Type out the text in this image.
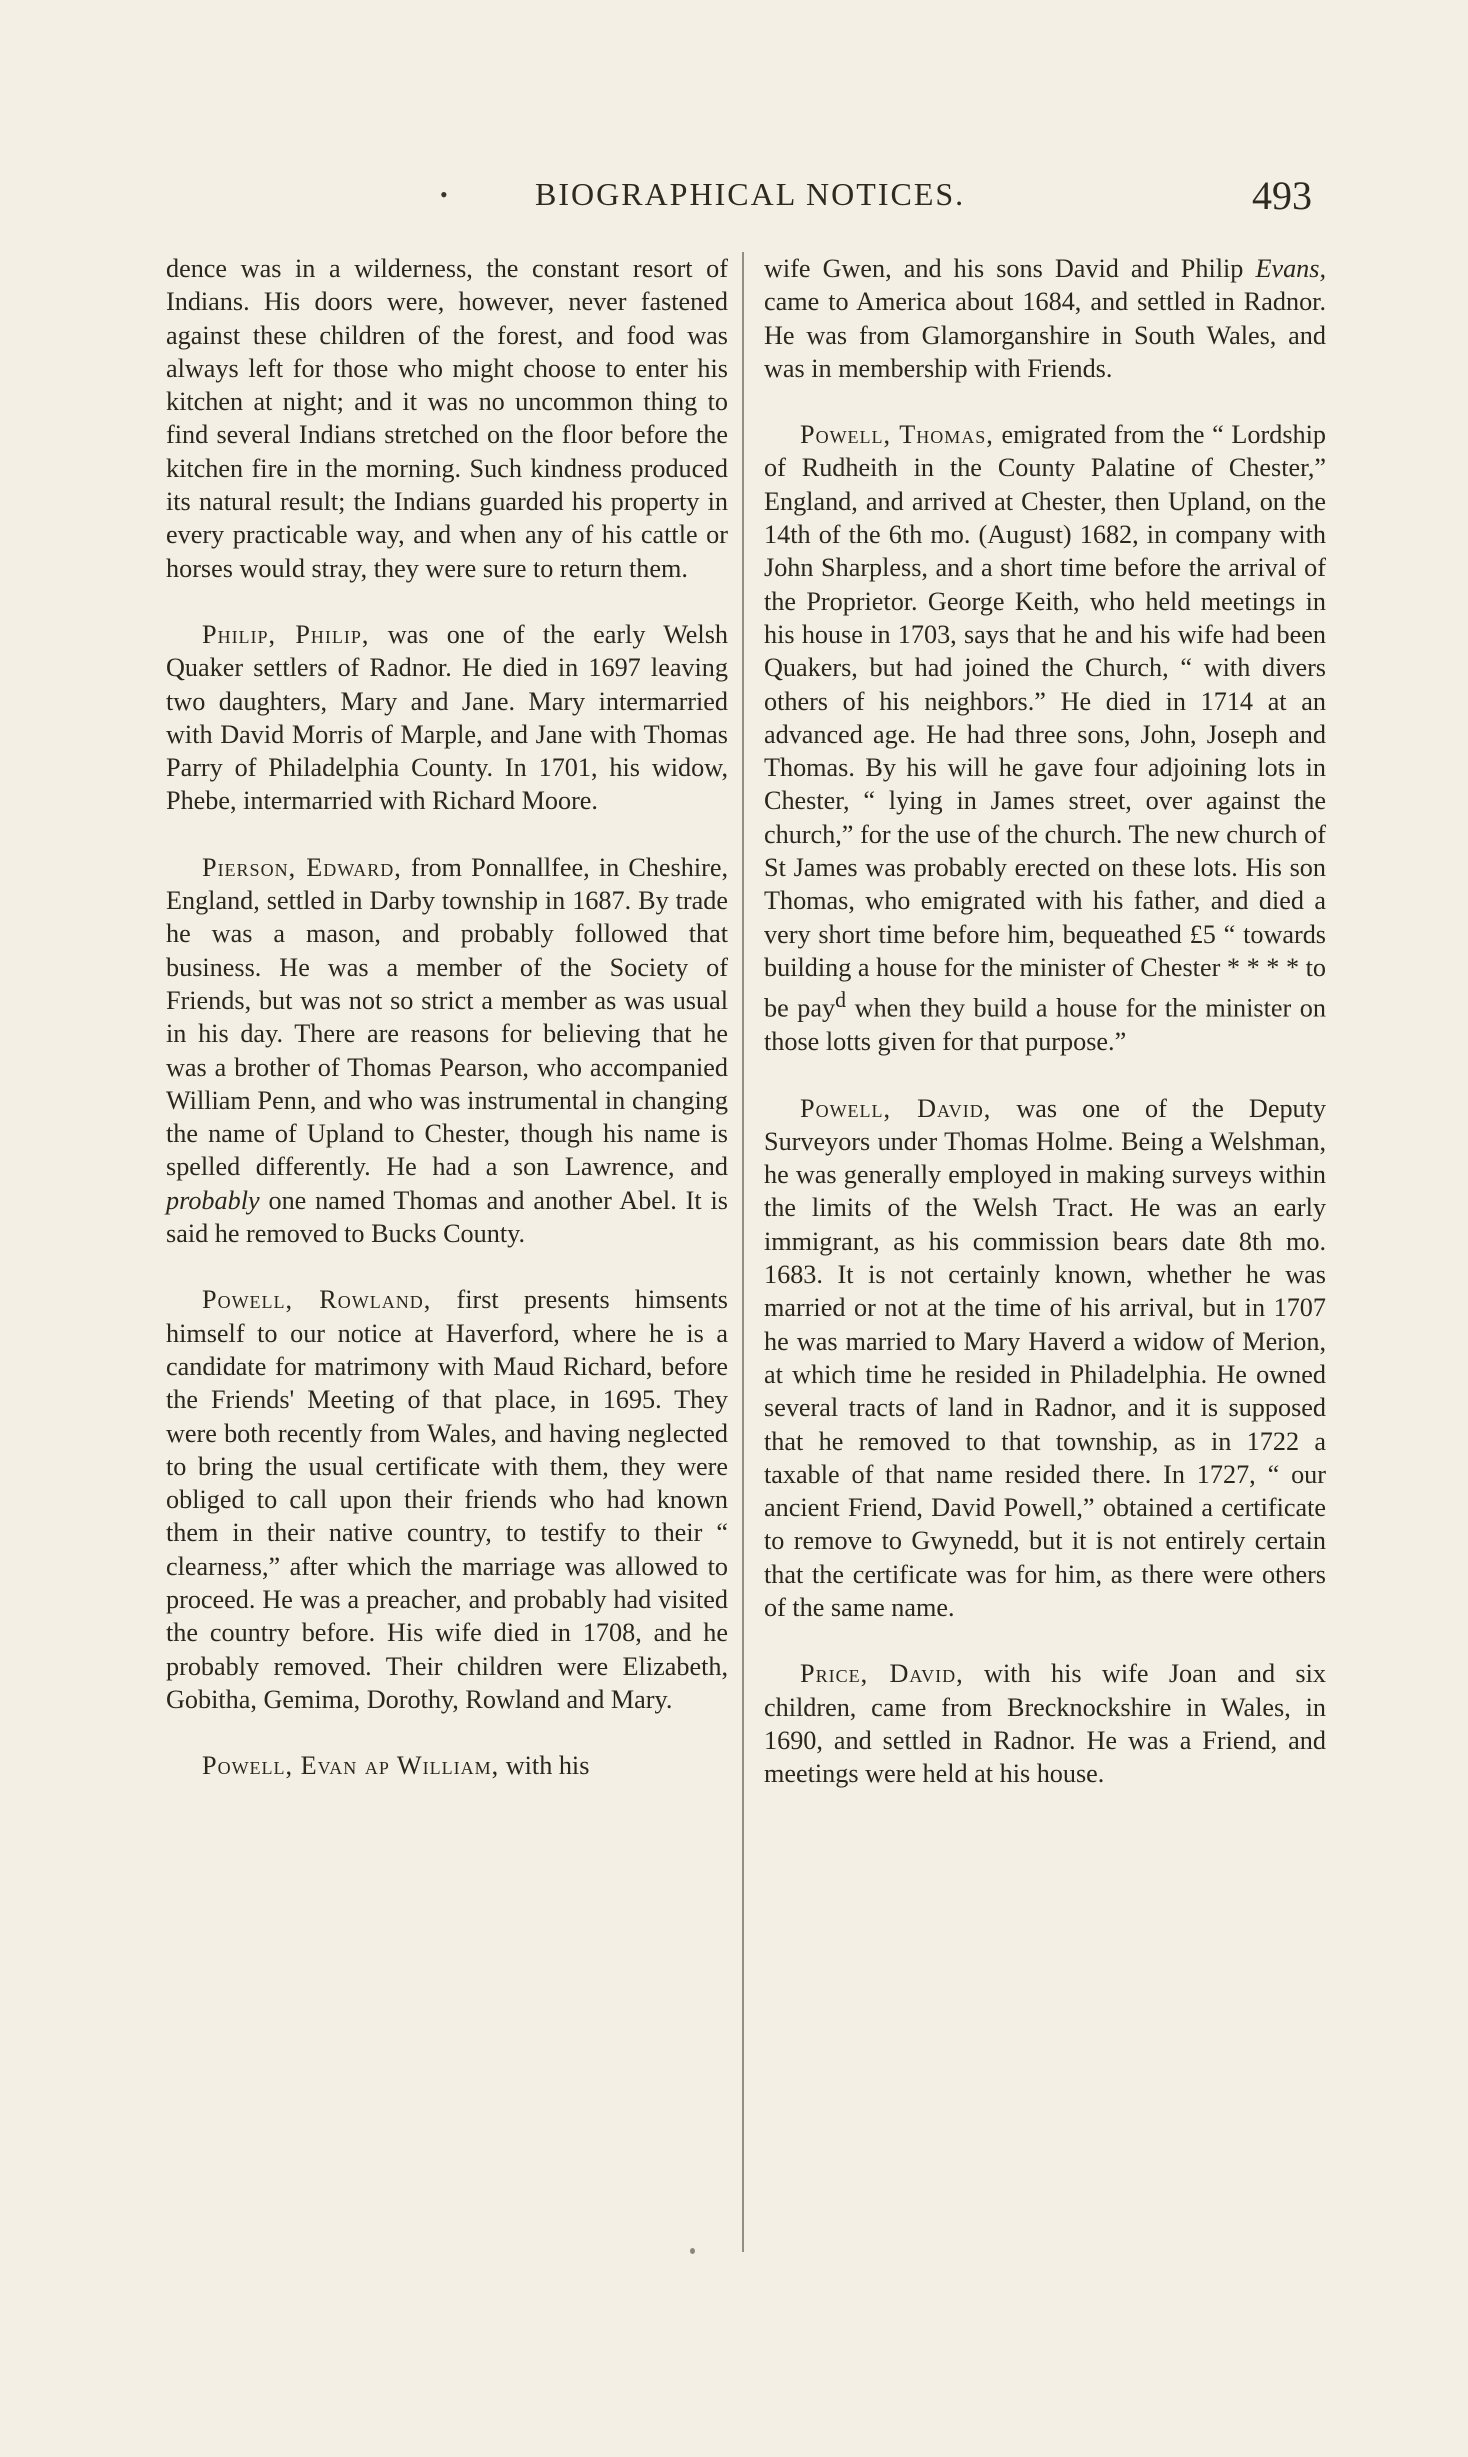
•	BIOGRAPHICAL NOTICES.	493

dence was in a wilderness, the constant resort of Indians. His doors were, however, never fastened against these children of the forest, and food was always left for those who might choose to enter his kitchen at night; and it was no uncommon thing to find several Indians stretched on the floor before the kitchen fire in the morning. Such kindness produced its natural result; the Indians guarded his property in every practicable way, and when any of his cattle or horses would stray, they were sure to return them.

Philip, Philip, was one of the early Welsh Quaker settlers of Radnor. He died in 1697 leaving two daughters, Mary and Jane. Mary intermarried with David Morris of Marple, and Jane with Thomas Parry of Philadelphia County. In 1701, his widow, Phebe, intermarried with Richard Moore.

Pierson, Edward, from Ponnallfee, in Cheshire, England, settled in Darby township in 1687. By trade he was a mason, and probably followed that business. He was a member of the Society of Friends, but was not so strict a member as was usual in his day. There are reasons for believing that he was a brother of Thomas Pearson, who accompanied William Penn, and who was instrumental in changing the name of Upland to Chester, though his name is spelled differently. He had a son Lawrence, and probably one named Thomas and another Abel. It is said he removed to Bucks County.

Powell, Rowland, first presents himsents himself to our notice at Haverford, where he is a candidate for matrimony with Maud Richard, before the Friends' Meeting of that place, in 1695. They were both recently from Wales, and having neglected to bring the usual certificate with them, they were obliged to call upon their friends who had known them in their native country, to testify to their “ clearness,” after which the marriage was allowed to proceed. He was a preacher, and probably had visited the country before. His wife died in 1708, and he probably removed. Their children were Elizabeth, Gobitha, Gemima, Dorothy, Rowland and Mary.

Powell, Evan ap William, with his

wife Gwen, and his sons David and Philip Evans, came to America about 1684, and settled in Radnor. He was from Glamorganshire in South Wales, and was in membership with Friends.

Powell, Thomas, emigrated from the “ Lordship of Rudheith in the County Palatine of Chester,” England, and arrived at Chester, then Upland, on the 14th of the 6th mo. (August) 1682, in company with John Sharpless, and a short time before the arrival of the Proprietor. George Keith, who held meetings in his house in 1703, says that he and his wife had been Quakers, but had joined the Church, “ with divers others of his neighbors.” He died in 1714 at an advanced age. He had three sons, John, Joseph and Thomas. By his will he gave four adjoining lots in Chester, “ lying in James street, over against the church,” for the use of the church. The new church of St James was probably erected on these lots. His son Thomas, who emigrated with his father, and died a very short time before him, bequeathed £5 “ towards building a house for the minister of Chester * * * * to be pay$^d$ when they build a house for the minister on those lotts given for that purpose.”

Powell, David, was one of the Deputy Surveyors under Thomas Holme. Being a Welshman, he was generally employed in making surveys within the limits of the Welsh Tract. He was an early immigrant, as his commission bears date 8th mo. 1683. It is not certainly known, whether he was married or not at the time of his arrival, but in 1707 he was married to Mary Haverd a widow of Merion, at which time he resided in Philadelphia. He owned several tracts of land in Radnor, and it is supposed that he removed to that township, as in 1722 a taxable of that name resided there. In 1727, “ our ancient Friend, David Powell,” obtained a certificate to remove to Gwynedd, but it is not entirely certain that the certificate was for him, as there were others of the same name.

Price, David, with his wife Joan and six children, came from Brecknockshire in Wales, in 1690, and settled in Radnor. He was a Friend, and meetings were held at his house.
